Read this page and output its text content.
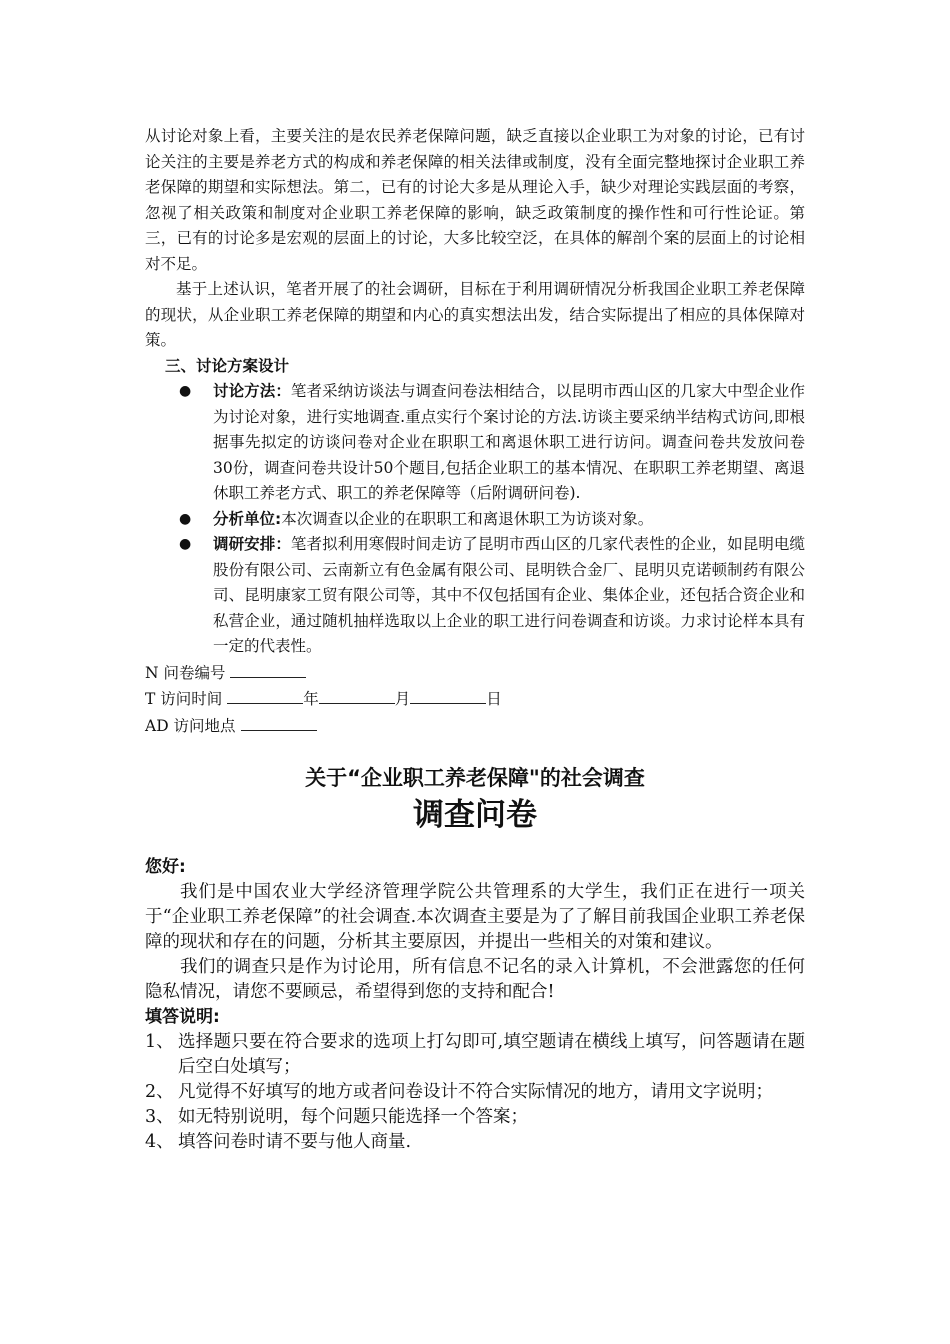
从讨论对象上看，主要关注的是农民养老保障问题，缺乏直接以企业职工为对象的讨论，已有讨论关注的主要是养老方式的构成和养老保障的相关法律或制度，没有全面完整地探讨企业职工养老保障的期望和实际想法。第二，已有的讨论大多是从理论入手，缺少对理论实践层面的考察，忽视了相关政策和制度对企业职工养老保障的影响，缺乏政策制度的操作性和可行性论证。第三，已有的讨论多是宏观的层面上的讨论，大多比较空泛，在具体的解剖个案的层面上的讨论相对不足。

基于上述认识，笔者开展了的社会调研，目标在于利用调研情况分析我国企业职工养老保障的现状，从企业职工养老保障的期望和内心的真实想法出发，结合实际提出了相应的具体保障对策。

三、讨论方案设计

● 讨论方法：笔者采纳访谈法与调查问卷法相结合，以昆明市西山区的几家大中型企业作为讨论对象，进行实地调查.重点实行个案讨论的方法.访谈主要采纳半结构式访问,即根据事先拟定的访谈问卷对企业在职职工和离退休职工进行访问。调查问卷共发放问卷30份，调查问卷共设计50个题目,包括企业职工的基本情况、在职职工养老期望、离退休职工养老方式、职工的养老保障等（后附调研问卷).
● 分析单位:本次调查以企业的在职职工和离退休职工为访谈对象。
● 调研安排：笔者拟利用寒假时间走访了昆明市西山区的几家代表性的企业，如昆明电缆股份有限公司、云南新立有色金属有限公司、昆明铁合金厂、昆明贝克诺顿制药有限公司、昆明康家工贸有限公司等，其中不仅包括国有企业、集体企业，还包括合资企业和私营企业，通过随机抽样选取以上企业的职工进行问卷调查和访谈。力求讨论样本具有一定的代表性。

N 问卷编号

T 访问时间	年	月	日

AD 访问地点

关于“企业职工养老保障"的社会调查
调查问卷

您好:

我们是中国农业大学经济管理学院公共管理系的大学生，我们正在进行一项关于“企业职工养老保障”的社会调查.本次调查主要是为了了解目前我国企业职工养老保障的现状和存在的问题，分析其主要原因，并提出一些相关的对策和建议。

我们的调查只是作为讨论用，所有信息不记名的录入计算机，不会泄露您的任何隐私情况，请您不要顾忌，希望得到您的支持和配合!

填答说明:

1、 选择题只要在符合要求的选项上打勾即可,填空题请在横线上填写，问答题请在题后空白处填写；
2、 凡觉得不好填写的地方或者问卷设计不符合实际情况的地方，请用文字说明；
3、 如无特别说明，每个问题只能选择一个答案；
4、 填答问卷时请不要与他人商量.
